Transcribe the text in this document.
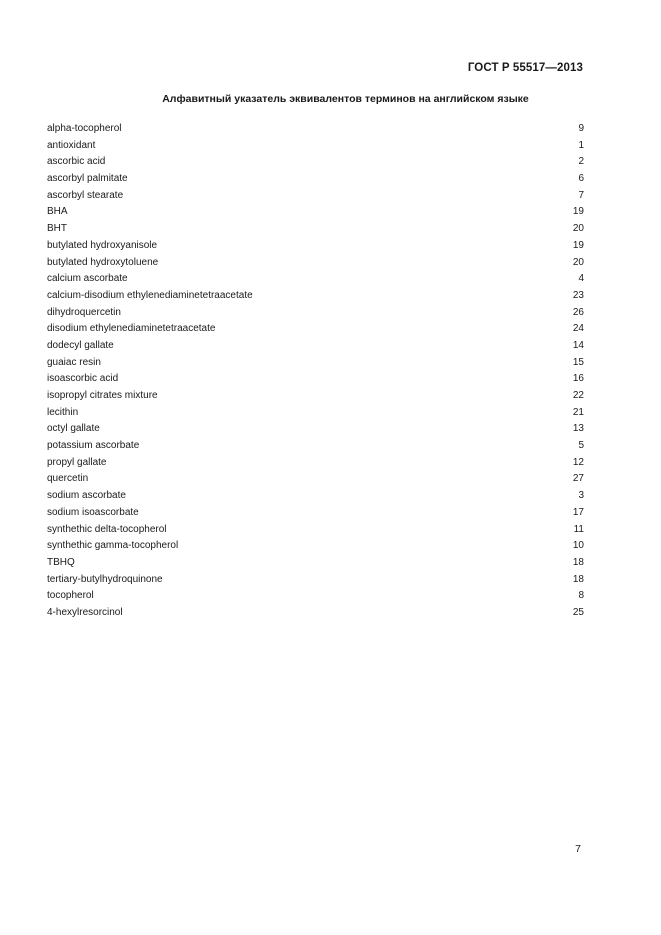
ГОСТ Р 55517—2013
Алфавитный указатель эквивалентов терминов на английском языке
alpha-tocopherol	9
antioxidant	1
ascorbic acid	2
ascorbyl palmitate	6
ascorbyl stearate	7
BHA	19
BHT	20
butylated hydroxyanisole	19
butylated hydroxytoluene	20
calcium ascorbate	4
calcium-disodium ethylenediaminetetraacetate	23
dihydroquercetin	26
disodium ethylenediaminetetraacetate	24
dodecyl gallate	14
guaiac resin	15
isoascorbic acid	16
isopropyl citrates mixture	22
lecithin	21
octyl gallate	13
potassium ascorbate	5
propyl gallate	12
quercetin	27
sodium ascorbate	3
sodium isoascorbate	17
synthethic delta-tocopherol	11
synthethic gamma-tocopherol	10
TBHQ	18
tertiary-butylhydroquinone	18
tocopherol	8
4-hexylresorcinol	25
7
